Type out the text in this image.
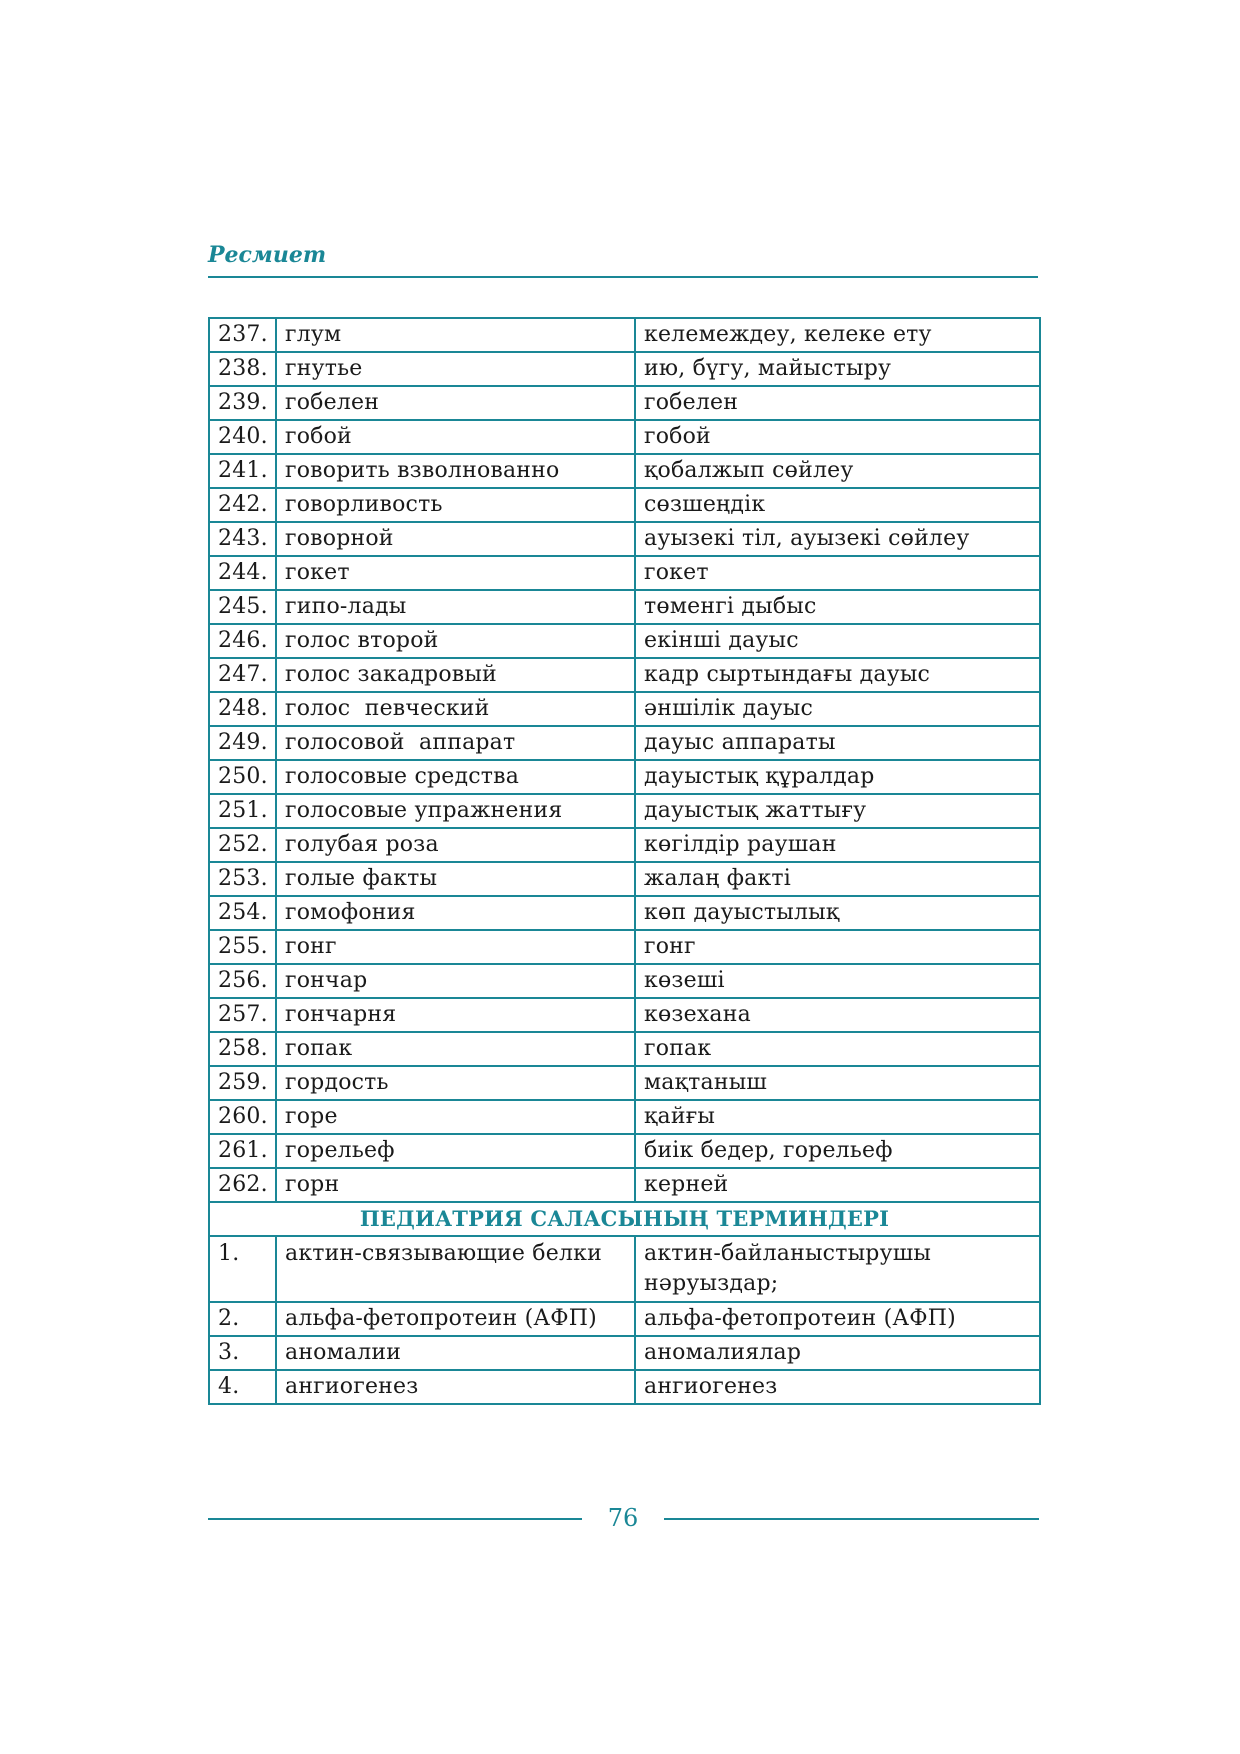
Ресмиет
237.	глум	келемеждеу, келеке ету
238.	гнутье	ию, бүгу, майыстыру
239.	гобелен	гобелен
240.	гобой	гобой
241.	говорить взволнованно	қобалжып сөйлеу
242.	говорливость	сөзшеңдік
243.	говорной	ауызекі тіл, ауызекі сөйлеу
244.	гокет	гокет
245.	гипо-лады	төменгі дыбыс
246.	голос второй	екінші дауыс
247.	голос закадровый	кадр сыртындағы дауыс
248.	голос  певческий	әншілік дауыс
249.	голосовой  аппарат	дауыс аппараты
250.	голосовые средства	дауыстық құралдар
251.	голосовые упражнения	дауыстық жаттығу
252.	голубая роза	көгілдір раушан
253.	голые факты	жалаң факті
254.	гомофония	көп дауыстылық
255.	гонг	гонг
256.	гончар	көзеші
257.	гончарня	көзехана
258.	гопак	гопак
259.	гордость	мақтаныш
260.	горе	қайғы
261.	горельеф	биік бедер, горельеф
262.	горн	керней
ПЕДИАТРИЯ САЛАСЫНЫҢ ТЕРМИНДЕРІ		
1.	актин-связывающие белки	актин-байланыстырушы нәруыздар;
2.	альфа-фетопротеин (АФП)	альфа-фетопротеин (АФП)
3.	аномалии	аномалиялар
4.	ангиогенез	ангиогенез
76
